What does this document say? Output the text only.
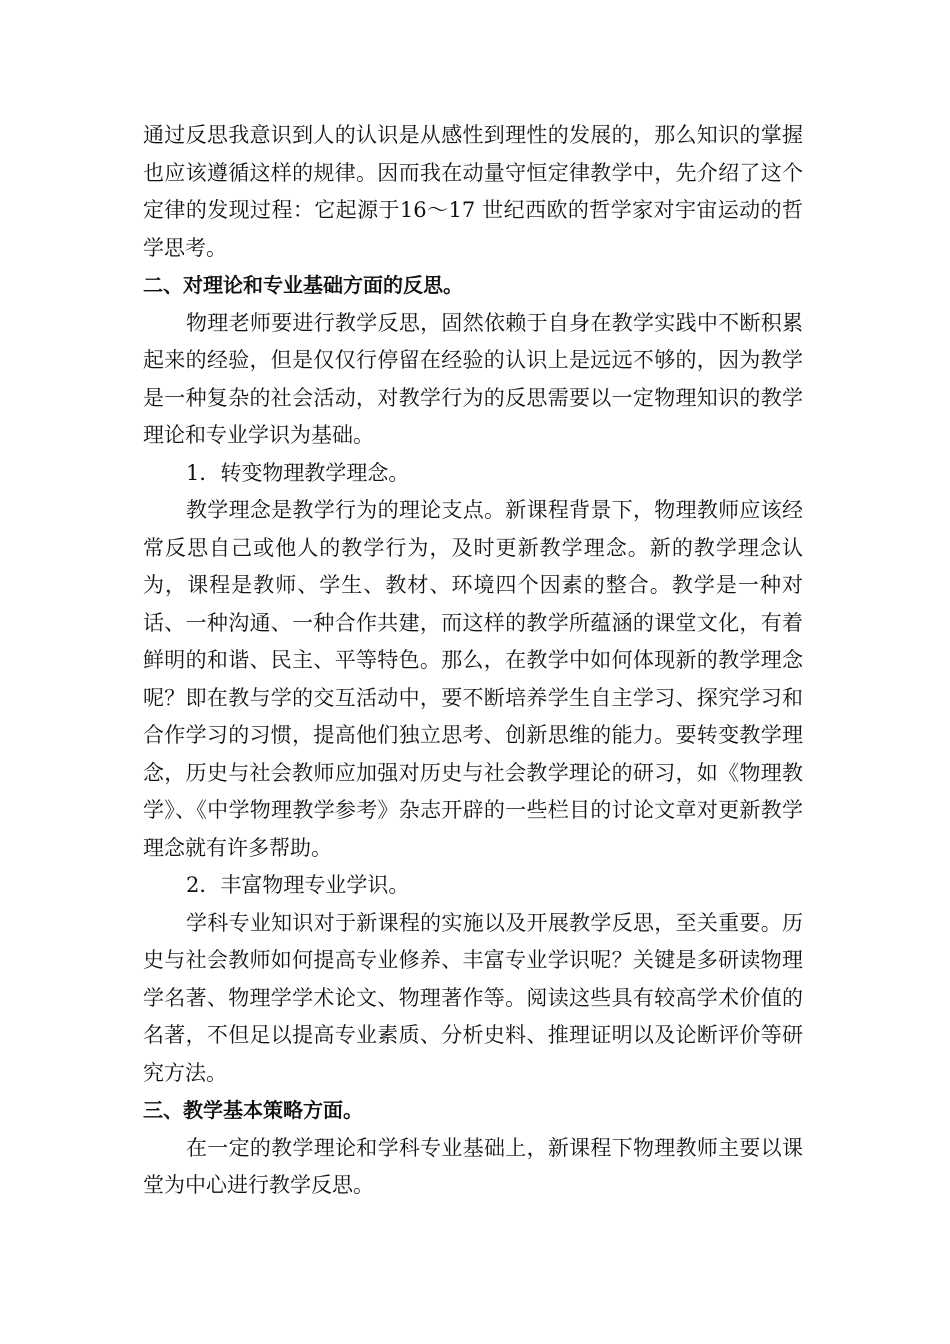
通过反思我意识到人的认识是从感性到理性的发展的，那么知识的掌握也应该遵循这样的规律。因而我在动量守恒定律教学中，先介绍了这个定律的发现过程：它起源于16～17 世纪西欧的哲学家对宇宙运动的哲学思考。

二、对理论和专业基础方面的反思。

物理老师要进行教学反思，固然依赖于自身在教学实践中不断积累起来的经验，但是仅仅行停留在经验的认识上是远远不够的，因为教学是一种复杂的社会活动，对教学行为的反思需要以一定物理知识的教学理论和专业学识为基础。

1．转变物理教学理念。

教学理念是教学行为的理论支点。新课程背景下，物理教师应该经常反思自己或他人的教学行为，及时更新教学理念。新的教学理念认为，课程是教师、学生、教材、环境四个因素的整合。教学是一种对话、一种沟通、一种合作共建，而这样的教学所蕴涵的课堂文化，有着鲜明的和谐、民主、平等特色。那么，在教学中如何体现新的教学理念呢？即在教与学的交互活动中，要不断培养学生自主学习、探究学习和合作学习的习惯，提高他们独立思考、创新思维的能力。要转变教学理念，历史与社会教师应加强对历史与社会教学理论的研习，如《物理教学》、《中学物理教学参考》杂志开辟的一些栏目的讨论文章对更新教学理念就有许多帮助。

2．丰富物理专业学识。

学科专业知识对于新课程的实施以及开展教学反思，至关重要。历史与社会教师如何提高专业修养、丰富专业学识呢？关键是多研读物理学名著、物理学学术论文、物理著作等。阅读这些具有较高学术价值的名著，不但足以提高专业素质、分析史料、推理证明以及论断评价等研究方法。

三、教学基本策略方面。

在一定的教学理论和学科专业基础上，新课程下物理教师主要以课堂为中心进行教学反思。
